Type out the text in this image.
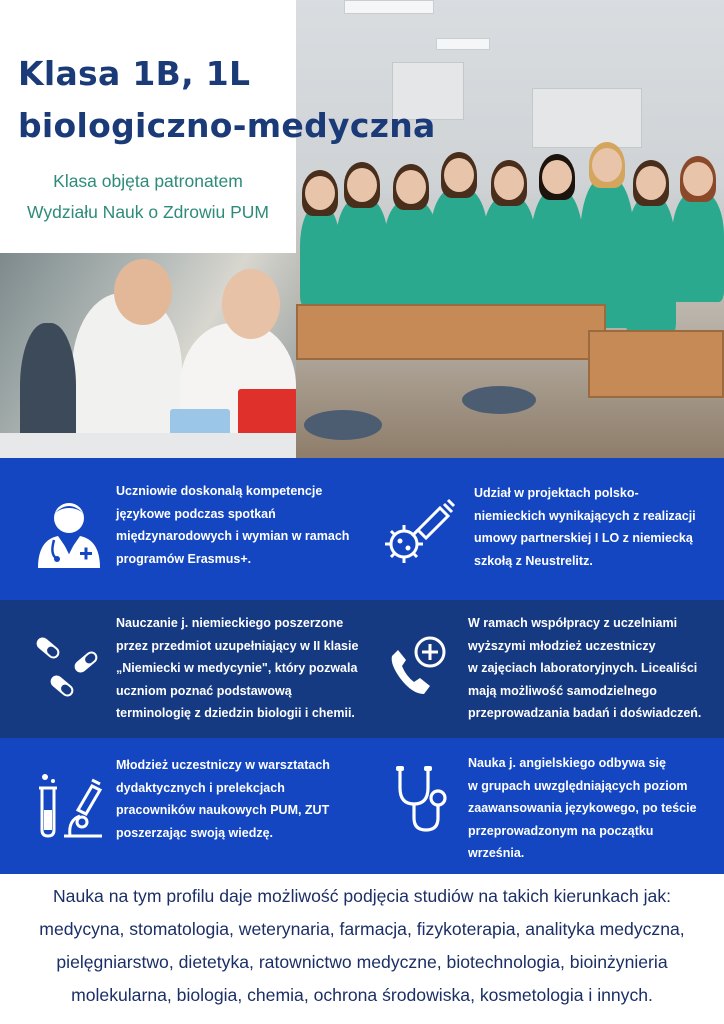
Klasa 1B, 1L
biologiczno-medyczna
Klasa objęta patronatem
Wydziału Nauk o Zdrowiu PUM
Uczniowie doskonalą kompetencje
językowe podczas spotkań
międzynarodowych i wymian w ramach
programów Erasmus+.
Udział w projektach polsko-
niemieckich wynikających z realizacji
umowy partnerskiej I LO z niemiecką
szkołą z Neustrelitz.
Nauczanie j. niemieckiego poszerzone
przez przedmiot uzupełniający w II klasie
„Niemiecki w medycynie", który pozwala
uczniom poznać podstawową
terminologię z dziedzin biologii i chemii.
W ramach współpracy z uczelniami
wyższymi młodzież uczestniczy
w zajęciach laboratoryjnych. Licealiści
mają możliwość samodzielnego
przeprowadzania badań i doświadczeń.
Młodzież uczestniczy w warsztatach
dydaktycznych i prelekcjach
pracowników naukowych PUM, ZUT
poszerzając swoją wiedzę.
Nauka j. angielskiego odbywa się
w grupach uwzględniających poziom
zaawansowania językowego, po teście
przeprowadzonym na początku
września.
Nauka na tym profilu daje możliwość podjęcia studiów na takich kierunkach jak:
medycyna, stomatologia, weterynaria, farmacja, fizykoterapia, analityka medyczna,
pielęgniarstwo, dietetyka, ratownictwo medyczne, biotechnologia, bioinżynieria
molekularna, biologia, chemia, ochrona środowiska, kosmetologia i innych.
